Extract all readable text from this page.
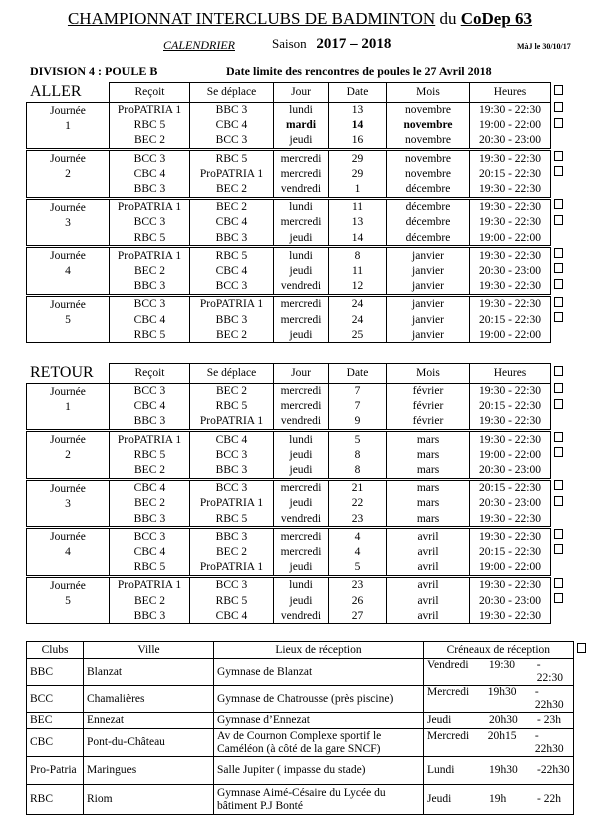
CHAMPIONNAT INTERCLUBS DE BADMINTON du CoDep 63
CALENDRIER	Saison 2017 – 2018	MàJ le 30/10/17
DIVISION 4 : POULE B	Date limite des rencontres de poules le 27 Avril 2018
ALLER
		Reçoit	Se déplace	Jour	Date	Mois	Heures	

Journée
1	ProPATRIA 1	BBC 3	lundi	13	novembre	19:30 - 22:30	
	RBC 5	CBC 4	mardi	14	novembre	19:00 - 22:00	
	BEC 2	BCC 3	jeudi	16	novembre	20:30 - 23:00	

Journée
2	BCC 3	RBC 5	mercredi	29	novembre	19:30 - 22:30	
	CBC 4	ProPATRIA 1	mercredi	29	novembre	20:15 - 22:30	
	BBC 3	BEC 2	vendredi	1	décembre	19:30 - 22:30	

Journée
3	ProPATRIA 1	BEC 2	lundi	11	décembre	19:30 - 22:30	
	BCC 3	CBC 4	mercredi	13	décembre	19:30 - 22:30	
	RBC 5	BBC 3	jeudi	14	décembre	19:00 - 22:00	

Journée
4	ProPATRIA 1	RBC 5	lundi	8	janvier	19:30 - 22:30	
	BEC 2	CBC 4	jeudi	11	janvier	20:30 - 23:00	
	BBC 3	BCC 3	vendredi	12	janvier	19:30 - 22:30	

Journée
5	BCC 3	ProPATRIA 1	mercredi	24	janvier	19:30 - 22:30	
	CBC 4	BBC 3	mercredi	24	janvier	20:15 - 22:30	
	RBC 5	BEC 2	jeudi	25	janvier	19:00 - 22:00	
RETOUR
		Reçoit	Se déplace	Jour	Date	Mois	Heures	

Journée
1	BCC 3	BEC 2	mercredi	7	février	19:30 - 22:30	
	CBC 4	RBC 5	mercredi	7	février	20:15 - 22:30	
	BBC 3	ProPATRIA 1	vendredi	9	février	19:30 - 22:30	

Journée
2	ProPATRIA 1	CBC 4	lundi	5	mars	19:30 - 22:30	
	RBC 5	BCC 3	jeudi	8	mars	19:00 - 22:00	
	BEC 2	BBC 3	jeudi	8	mars	20:30 - 23:00	

Journée
3	CBC 4	BCC 3	mercredi	21	mars	20:15 - 22:30	
	BEC 2	ProPATRIA 1	jeudi	22	mars	20:30 - 23:00	
	BBC 3	RBC 5	vendredi	23	mars	19:30 - 22:30	

Journée
4	BCC 3	BBC 3	mercredi	4	avril	19:30 - 22:30	
	CBC 4	BEC 2	mercredi	4	avril	20:15 - 22:30	
	RBC 5	ProPATRIA 1	jeudi	5	avril	19:00 - 22:00	

Journée
5	ProPATRIA 1	BCC 3	lundi	23	avril	19:30 - 22:30	
	BEC 2	RBC 5	jeudi	26	avril	20:30 - 23:00	
	BBC 3	CBC 4	vendredi	27	avril	19:30 - 22:30	
Clubs	Ville	Lieux de réception	Créneaux de réception	
BBC	Blanzat	Gymnase de Blanzat	Vendredi 19:30 - 22:30	

BCC	Chamalières	Gymnase de Chatrousse (près piscine)	Mercredi 19h30 - 22h30	

BEC	Ennezat	Gymnase d’Ennezat	Jeudi 20h30 - 23h	

CBC	Pont-du-Château	Av de Cournon Complexe sportif le Caméléon (à côté de la gare SNCF)	Mercredi 20h15 - 22h30	

Pro-Patria	Maringues	Salle Jupiter ( impasse du stade)	Lundi 19h30 -22h30	

RBC	Riom	Gymnase Aimé-Césaire du Lycée du bâtiment P.J Bonté	Jeudi 19h - 22h	
